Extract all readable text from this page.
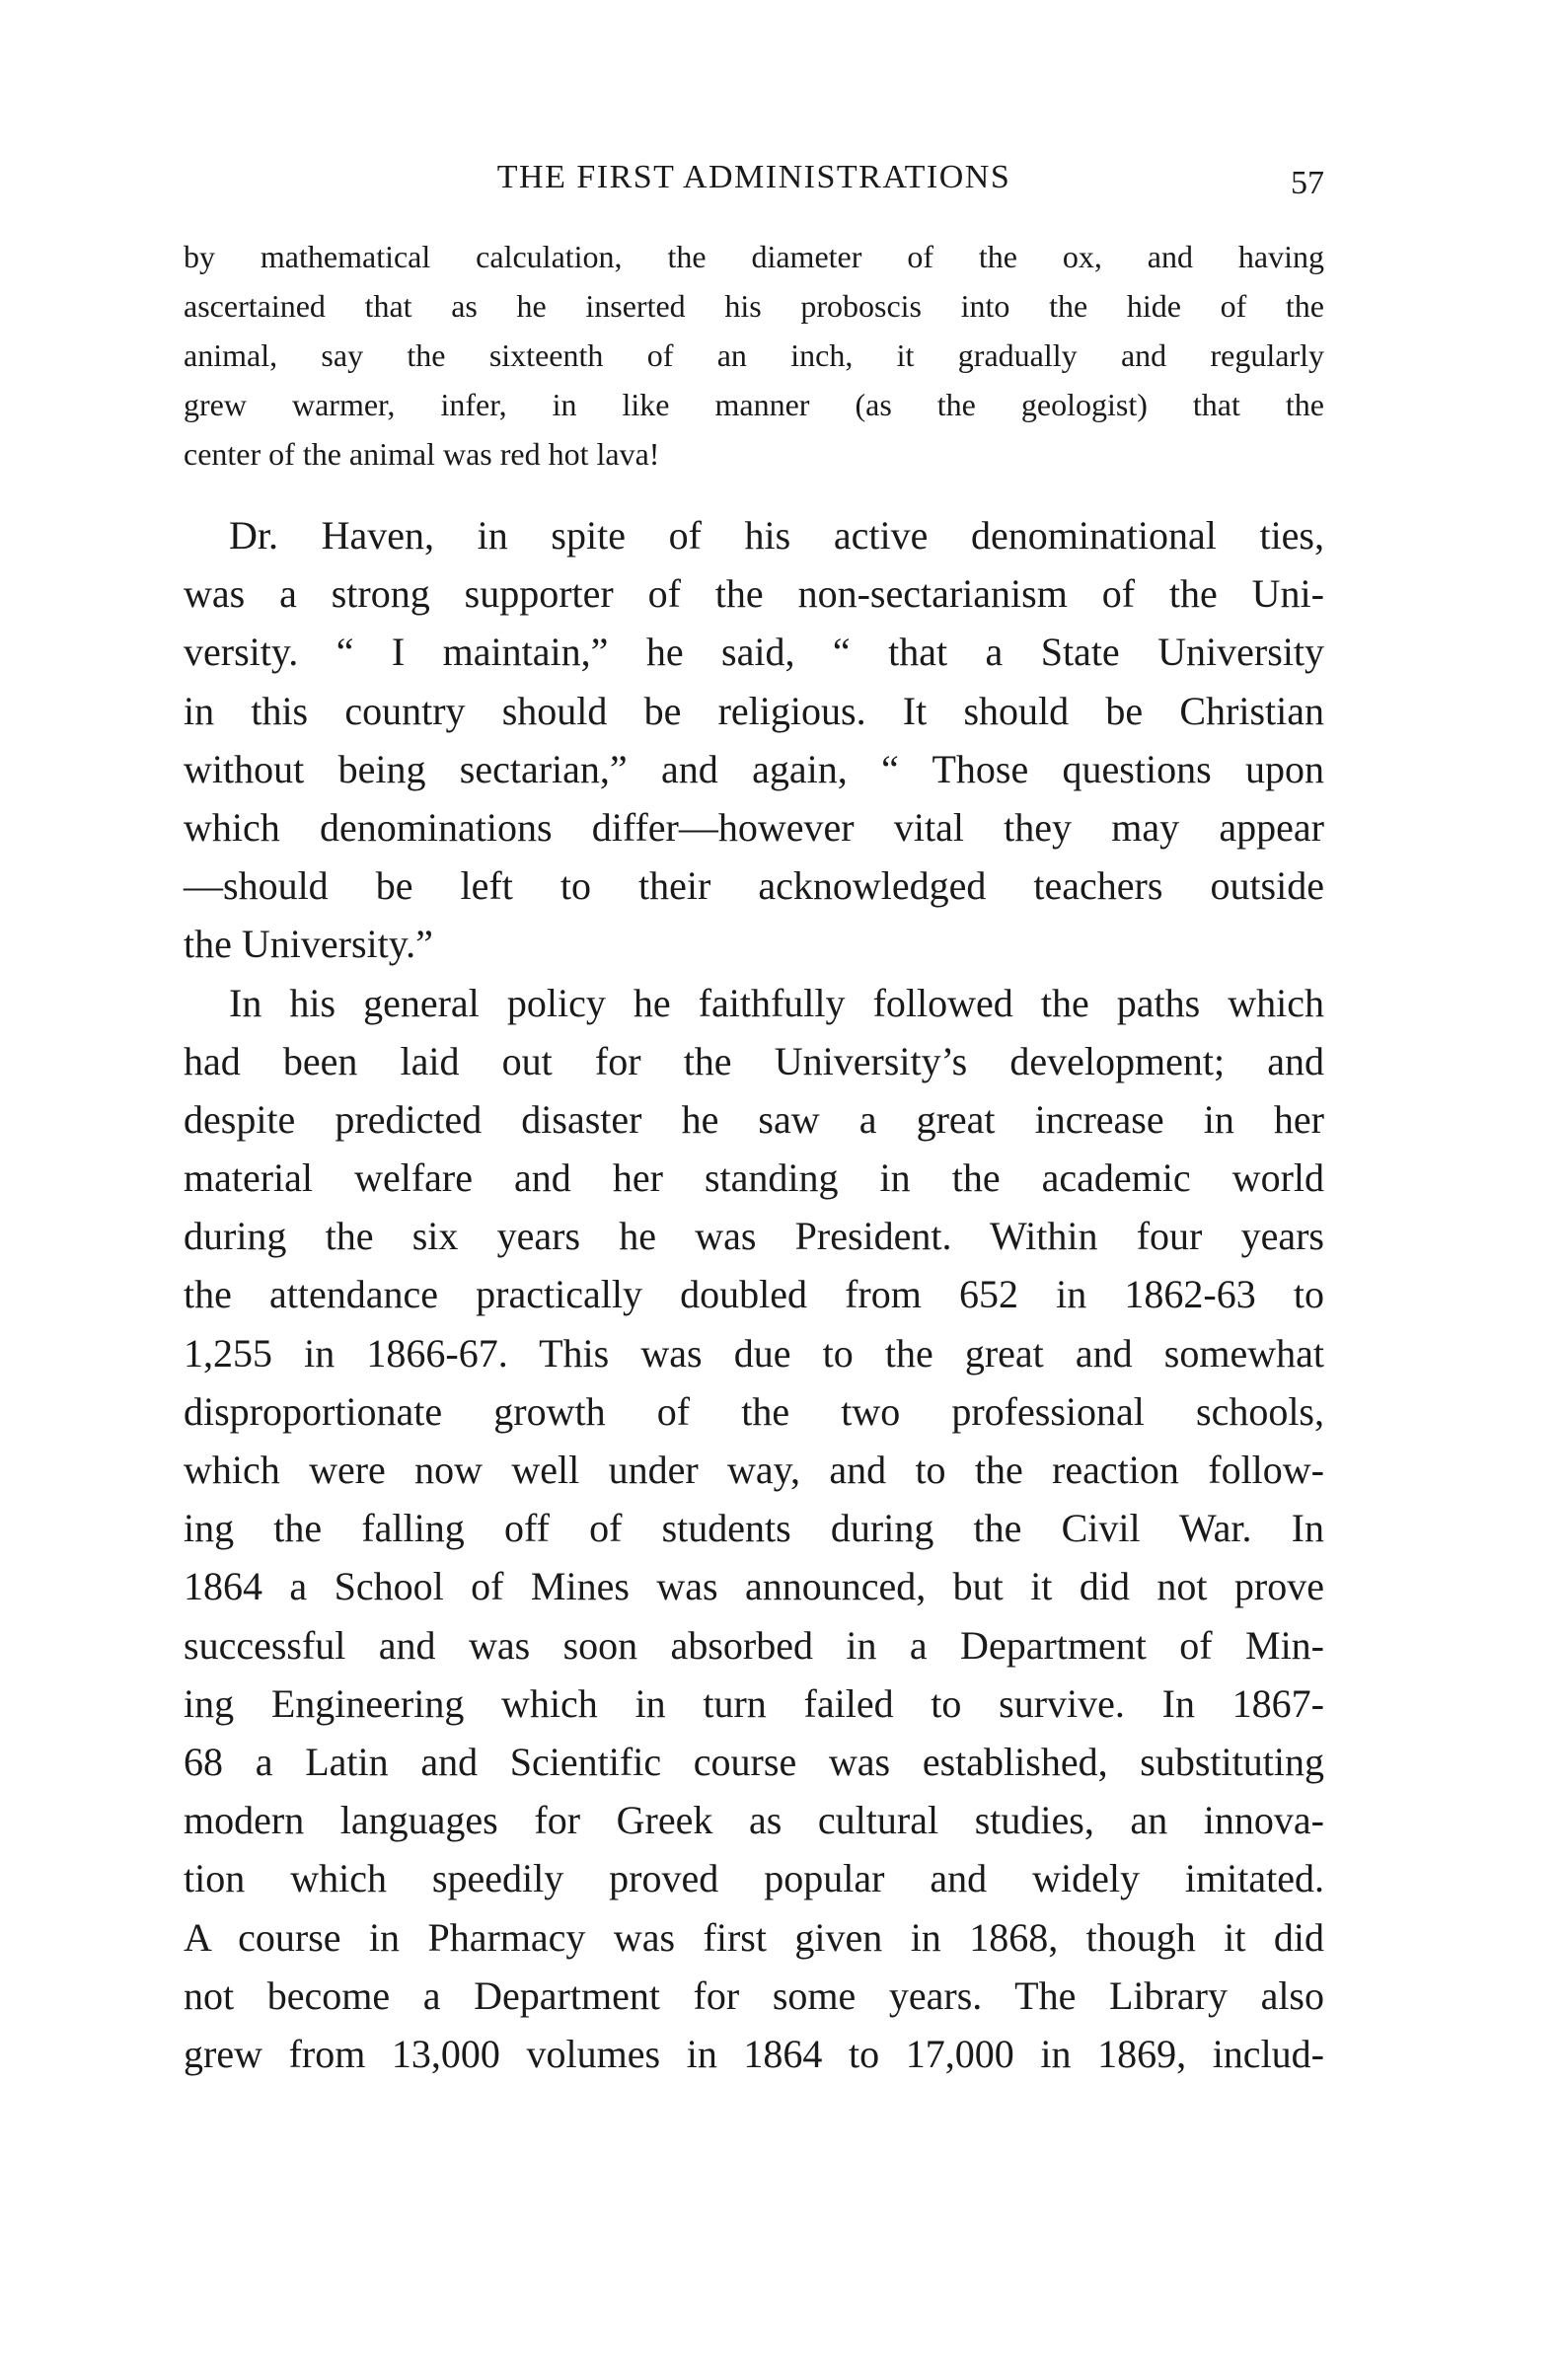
THE FIRST ADMINISTRATIONS	57
by mathematical calculation, the diameter of the ox, and having
ascertained that as he inserted his proboscis into the hide of the
animal, say the sixteenth of an inch, it gradually and regularly
grew warmer, infer, in like manner (as the geologist) that the
center of the animal was red hot lava!
Dr. Haven, in spite of his active denominational ties,
was a strong supporter of the non-sectarianism of the Uni-
versity. “ I maintain,” he said, “ that a State University
in this country should be religious. It should be Christian
without being sectarian,” and again, “ Those questions upon
which denominations differ—however vital they may appear
—should be left to their acknowledged teachers outside
the University.”
In his general policy he faithfully followed the paths which
had been laid out for the University’s development; and
despite predicted disaster he saw a great increase in her
material welfare and her standing in the academic world
during the six years he was President. Within four years
the attendance practically doubled from 652 in 1862-63 to
1,255 in 1866-67. This was due to the great and somewhat
disproportionate growth of the two professional schools,
which were now well under way, and to the reaction follow-
ing the falling off of students during the Civil War. In
1864 a School of Mines was announced, but it did not prove
successful and was soon absorbed in a Department of Min-
ing Engineering which in turn failed to survive. In 1867-
68 a Latin and Scientific course was established, substituting
modern languages for Greek as cultural studies, an innova-
tion which speedily proved popular and widely imitated.
A course in Pharmacy was first given in 1868, though it did
not become a Department for some years. The Library also
grew from 13,000 volumes in 1864 to 17,000 in 1869, includ-
